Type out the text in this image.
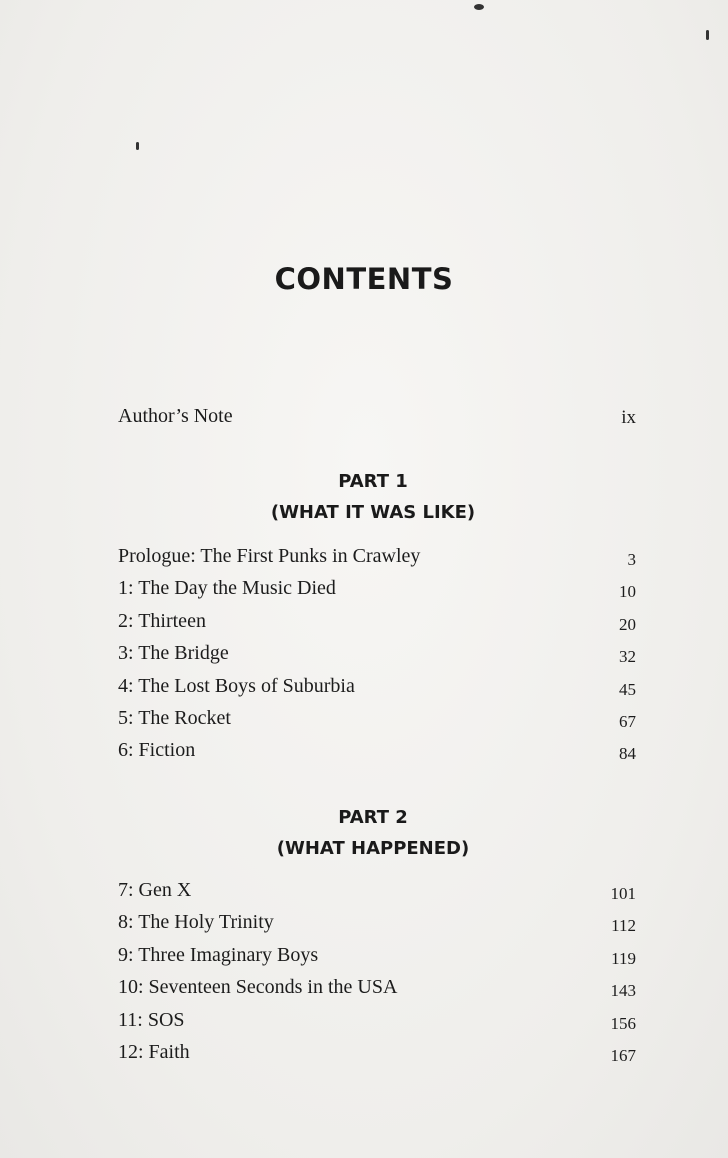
CONTENTS
Author’s Note	ix
PART 1
(WHAT IT WAS LIKE)
Prologue: The First Punks in Crawley	3
1: The Day the Music Died	10
2: Thirteen	20
3: The Bridge	32
4: The Lost Boys of Suburbia	45
5: The Rocket	67
6: Fiction	84
PART 2
(WHAT HAPPENED)
7: Gen X	101
8: The Holy Trinity	112
9: Three Imaginary Boys	119
10: Seventeen Seconds in the USA	143
11: SOS	156
12: Faith	167
